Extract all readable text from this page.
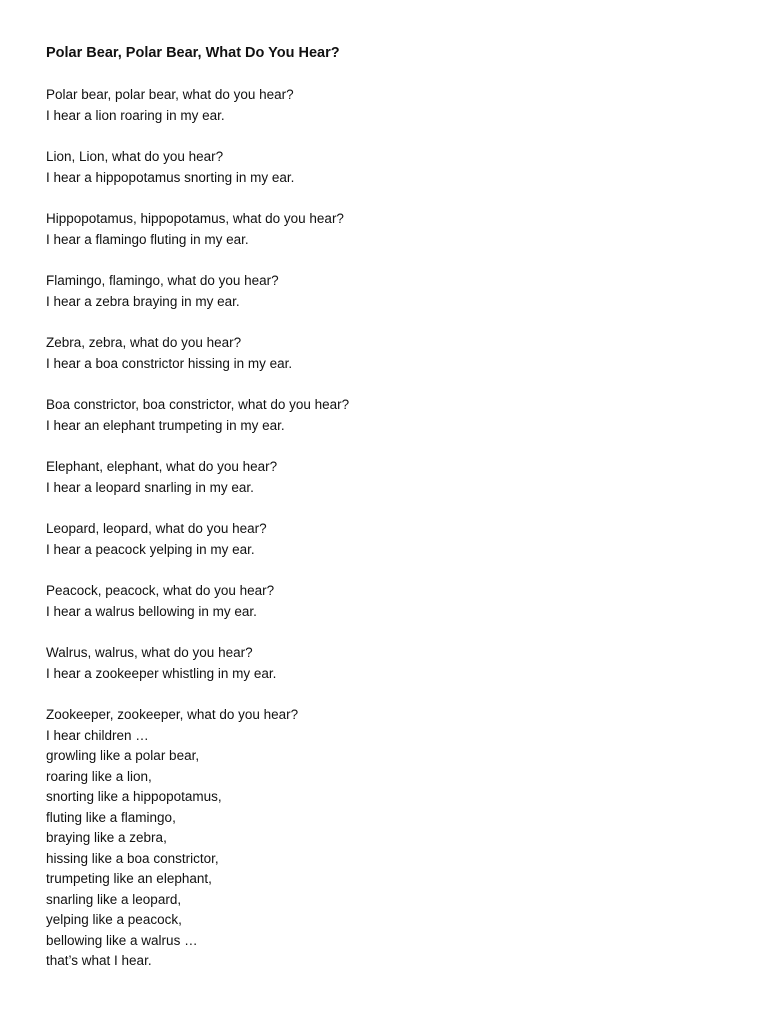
Polar Bear, Polar Bear, What Do You Hear?
Polar bear, polar bear, what do you hear?
I hear a lion roaring in my ear.
Lion, Lion, what do you hear?
I hear a hippopotamus snorting in my ear.
Hippopotamus, hippopotamus, what do you hear?
I hear a flamingo fluting in my ear.
Flamingo, flamingo, what do you hear?
I hear a zebra braying in my ear.
Zebra, zebra, what do you hear?
I hear a boa constrictor hissing in my ear.
Boa constrictor, boa constrictor, what do you hear?
I hear an elephant trumpeting in my ear.
Elephant, elephant, what do you hear?
I hear a leopard snarling in my ear.
Leopard, leopard, what do you hear?
I hear a peacock yelping in my ear.
Peacock, peacock, what do you hear?
I hear a walrus bellowing in my ear.
Walrus, walrus, what do you hear?
I hear a zookeeper whistling in my ear.
Zookeeper, zookeeper, what do you hear?
I hear children …
growling like a polar bear,
roaring like a lion,
snorting like a hippopotamus,
fluting like a flamingo,
braying like a zebra,
hissing like a boa constrictor,
trumpeting like an elephant,
snarling like a leopard,
yelping like a peacock,
bellowing like a walrus …
that’s what I hear.
